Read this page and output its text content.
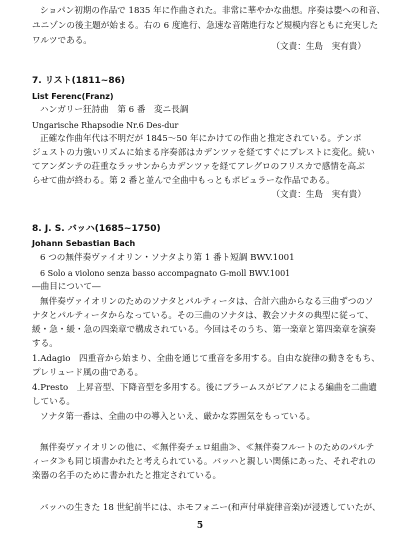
ショパン初期の作品で 1835 年に作曲された。非常に華やかな曲想。序奏は嬰ヘの和音、
ユニゾンの後主題が始まる。右の 6 度進行、急速な音階進行など規模内容ともに充実した
ワルツである。
（文責：生島　実有貴）
7. リスト(1811~86)
List Ferenc(Franz)
ハンガリー狂詩曲　第 6 番　変ニ長調
Ungarische Rhapsodie Nr.6 Des-dur
正確な作曲年代は不明だが 1845～50 年にかけての作曲と推定されている。テンポ
ジュストの力強いリズムに始まる序奏部はカデンツァを経てすぐにプレストに変化。続い
てアンダンテの荘重なラッサンからカデンツァを経てアレグロのフリスカで感情を高ぶ
らせて曲が終わる。第 2 番と並んで全曲中もっともポピュラーな作品である。
（文責：生島　実有貴）
8. J. S. バッハ(1685~1750)
Johann Sebastian Bach
6 つの無伴奏ヴァイオリン・ソナタより第 1 番ト短調 BWV.1001
6 Solo a violono senza basso accompagnato G-moll BWV.1001
―曲目について―
無伴奏ヴァイオリンのためのソナタとパルティータは、合計六曲からなる三曲ずつのソ
ナタとパルティータからなっている。その三曲のソナタは、教会ソナタの典型に従って、
緩・急・緩・急の四楽章で構成されている。今回はそのうち、第一楽章と第四楽章を演奏
する。
1.Adagio　四重音から始まり、全曲を通じて重音を多用する。自由な旋律の動きをもち、
プレリュード風の曲である。
4.Presto　上昇音型、下降音型を多用する。後にブラームスがピアノによる編曲を二曲遺
している。
ソナタ第一番は、全曲の中の導入といえ、厳かな雰囲気をもっている。
無伴奏ヴァイオリンの他に、≪無伴奏チェロ組曲≫、≪無伴奏フルートのためのパルテ
ィータ≫も同じ頃書かれたと考えられている。バッハと親しい関係にあった、それぞれの
楽器の名手のために書かれたと推定されている。
バッハの生きた 18 世紀前半には、ホモフォニー(和声付単旋律音楽)が浸透していたが、
5
